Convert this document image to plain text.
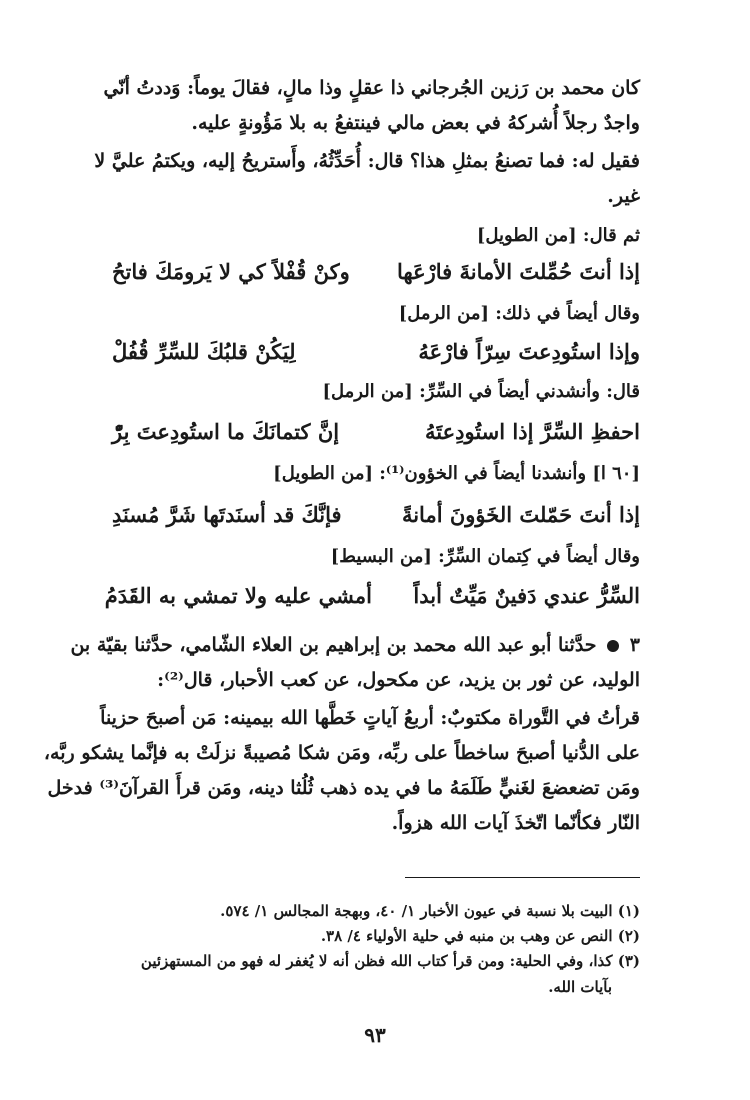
كان محمد بن رَزين الجُرجاني ذا عقلٍ وذا مالٍ، فقالَ يوماً: وَددتُ أنّي
واجدٌ رجلاً أُشركهُ في بعض مالي فينتفعُ به بلا مَؤُونةٍ عليه.
فقيل له: فما تصنعُ بمثلِ هذا؟ قال: أُحَدِّثُهُ، وأَستريحُ إليه، ويكتمُ عليَّ لا
غير.
ثم قال: [من الطويل]
إذا أنتَ حُمِّلتَ الأمانةَ فارْعَها
وكنْ قُفْلاً كي لا يَرومَكَ فاتحُ
وقال أيضاً في ذلك: [من الرمل]
وإذا استُودِعتَ سِرّاً فارْعَهُ
لِيَكُنْ قلبُكَ للسِّرِّ قُفُلْ
قال: وأنشدني أيضاً في السِّرِّ: [من الرمل]
احفظِ السِّرَّ إذا استُودِعتَهُ
إنَّ كتمانَكَ ما استُودِعتَ بِرّْ
[٦٠ ا] وأنشدنا أيضاً في الخؤون⁽¹⁾: [من الطويل]
إذا أنتَ حَمّلتَ الخَؤونَ أمانةً
فإنَّكَ قد أسنَدتَها شَرَّ مُسنَدِ
وقال أيضاً في كِتمان السِّرِّ: [من البسيط]
السِّرُّ عندي دَفينٌ مَيِّتٌ أبداً
أمشي عليه ولا تمشي به القَدَمُ
٣  حدَّثنا أبو عبد الله محمد بن إبراهيم بن العلاء الشّامي، حدَّثنا بقيّة بن
الوليد، عن ثور بن يزيد، عن مكحول، عن كعب الأحبار، قال⁽²⁾:
قرأتُ في التَّوراة مكتوبٌ: أربعُ آياتٍ خَطَّها الله بيمينه: مَن أصبحَ حزيناً
على الدُّنيا أصبحَ ساخطاً على ربِّه، ومَن شكا مُصيبةً نزلَتْ به فإنَّما يشكو ربَّه،
ومَن تضعضعَ لغَنيٍّ طَلَمَهُ ما في يده ذهب ثُلُثا دينه، ومَن قرأَ القرآنَ⁽³⁾ فدخل
النّار فكأنّما اتّخذَ آيات الله هزواً.
(١) البيت بلا نسبة في عيون الأخبار ١/ ٤٠، وبهجة المجالس ١/ ٥٧٤.
(٢) النص عن وهب بن منبه في حلية الأولياء ٤/ ٣٨.
(٣) كذا، وفي الحلية: ومن قرأ كتاب الله فظن أنه لا يُغفر له فهو من المستهزئين
بآيات الله.
٩٣
